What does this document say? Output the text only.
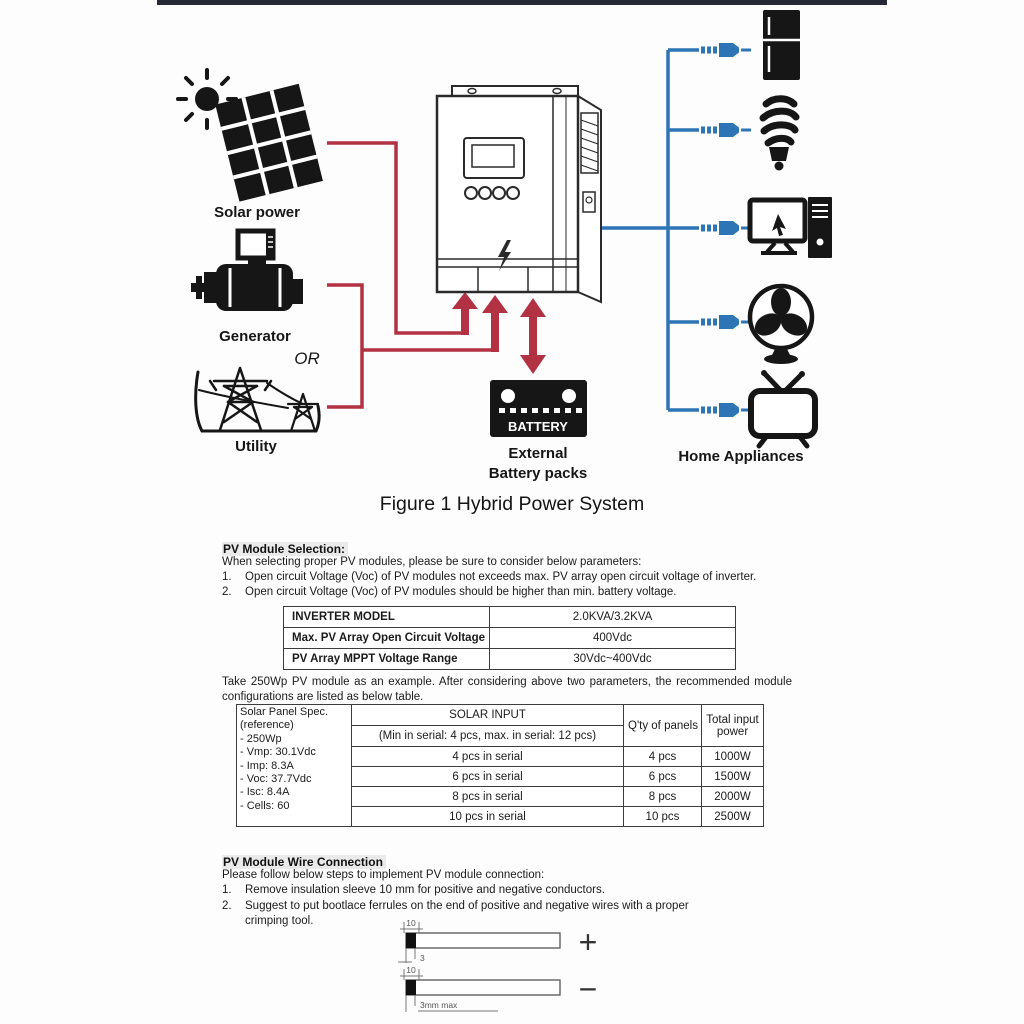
Solar power
Generator
OR
Utility
BATTERY
External
Battery packs
Home Appliances
Figure 1 Hybrid Power System
PV Module Selection:
When selecting proper PV modules, please be sure to consider below parameters:
1.	Open circuit Voltage (Voc) of PV modules not exceeds max. PV array open circuit voltage of inverter.
2.	Open circuit Voltage (Voc) of PV modules should be higher than min. battery voltage.
INVERTER MODEL	2.0KVA/3.2KVA
Max. PV Array Open Circuit Voltage	400Vdc
PV Array MPPT Voltage Range	30Vdc~400Vdc
Take 250Wp PV module as an example. After considering above two parameters, the recommended module configurations are listed as below table.
Solar Panel Spec.
(reference)
- 250Wp
- Vmp: 30.1Vdc
- Imp: 8.3A
- Voc: 37.7Vdc
- Isc: 8.4A
- Cells: 60
	SOLAR INPUT	Q'ty of panels	Total input
power

	(Min in serial: 4 pcs, max. in serial: 12 pcs)		
	4 pcs in serial	4 pcs	1000W
	6 pcs in serial	6 pcs	1500W
	8 pcs in serial	8 pcs	2000W
	10 pcs in serial	10 pcs	2500W
PV Module Wire Connection
Please follow below steps to implement PV module connection:
1.	Remove insulation sleeve 10 mm for positive and negative conductors.
2.	Suggest to put bootlace ferrules on the end of positive and negative wires with a proper crimping tool.	10
3	+
10
3mm max	−
